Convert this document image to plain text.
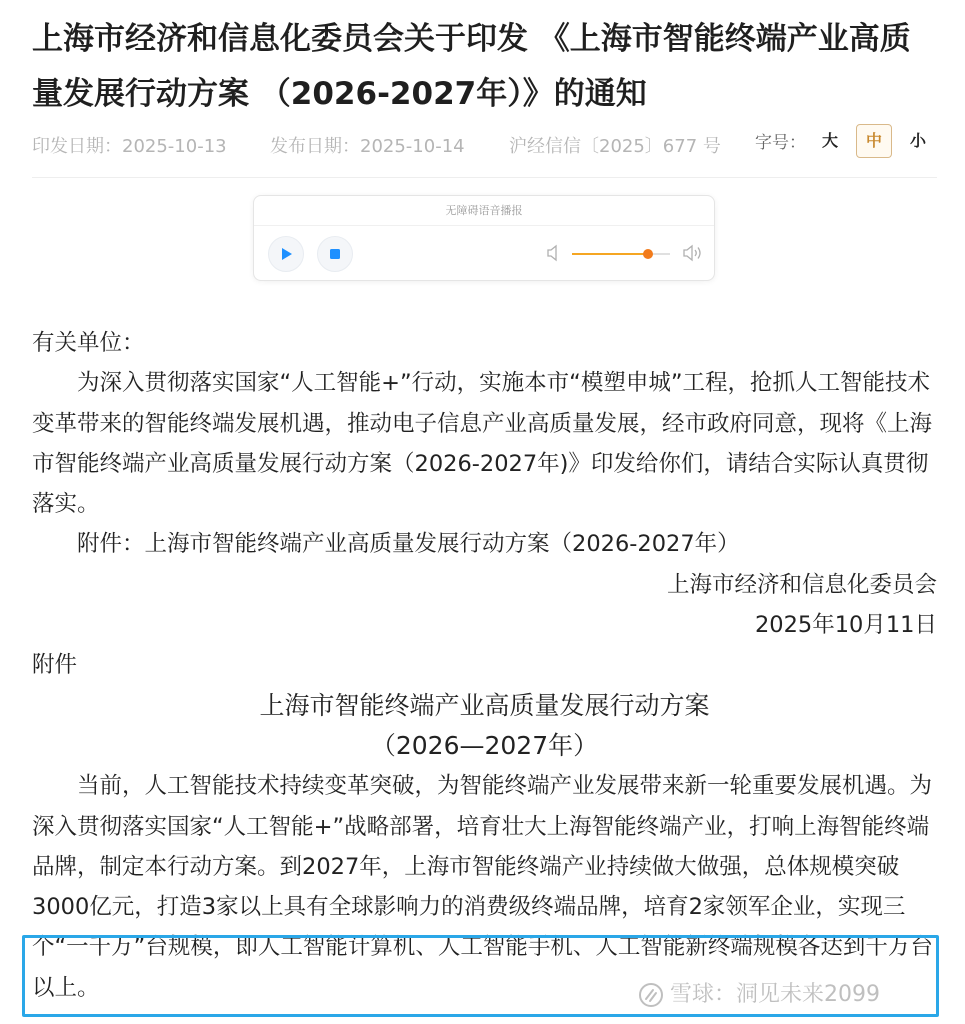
上海市经济和信息化委员会关于印发 《上海市智能终端产业高质量发展行动方案 （2026-2027年）》的通知
印发日期：2025-10-13 发布日期：2025-10-14 沪经信信〔2025〕677 号 字号： 大	中	小
无障碍语音播报

有关单位：

为深入贯彻落实国家“人工智能+”行动，实施本市“模塑申城”工程，抢抓人工智能技术变革带来的智能终端发展机遇，推动电子信息产业高质量发展，经市政府同意，现将《上海市智能终端产业高质量发展行动方案（2026-2027年)》印发给你们，请结合实际认真贯彻落实。

附件：上海市智能终端产业高质量发展行动方案（2026-2027年）

上海市经济和信息化委员会

2025年10月11日

附件

上海市智能终端产业高质量发展行动方案

（2026—2027年）

当前，人工智能技术持续变革突破，为智能终端产业发展带来新一轮重要发展机遇。为深入贯彻落实国家“人工智能+”战略部署，培育壮大上海智能终端产业，打响上海智能终端品牌，制定本行动方案。到2027年，上海市智能终端产业持续做大做强，总体规模突破3000亿元，打造3家以上具有全球影响力的消费级终端品牌，培育2家领军企业，实现三个“一千万”台规模，即人工智能计算机、人工智能手机、人工智能新终端规模各达到千万台以上。	雪球：洞见未来2099
